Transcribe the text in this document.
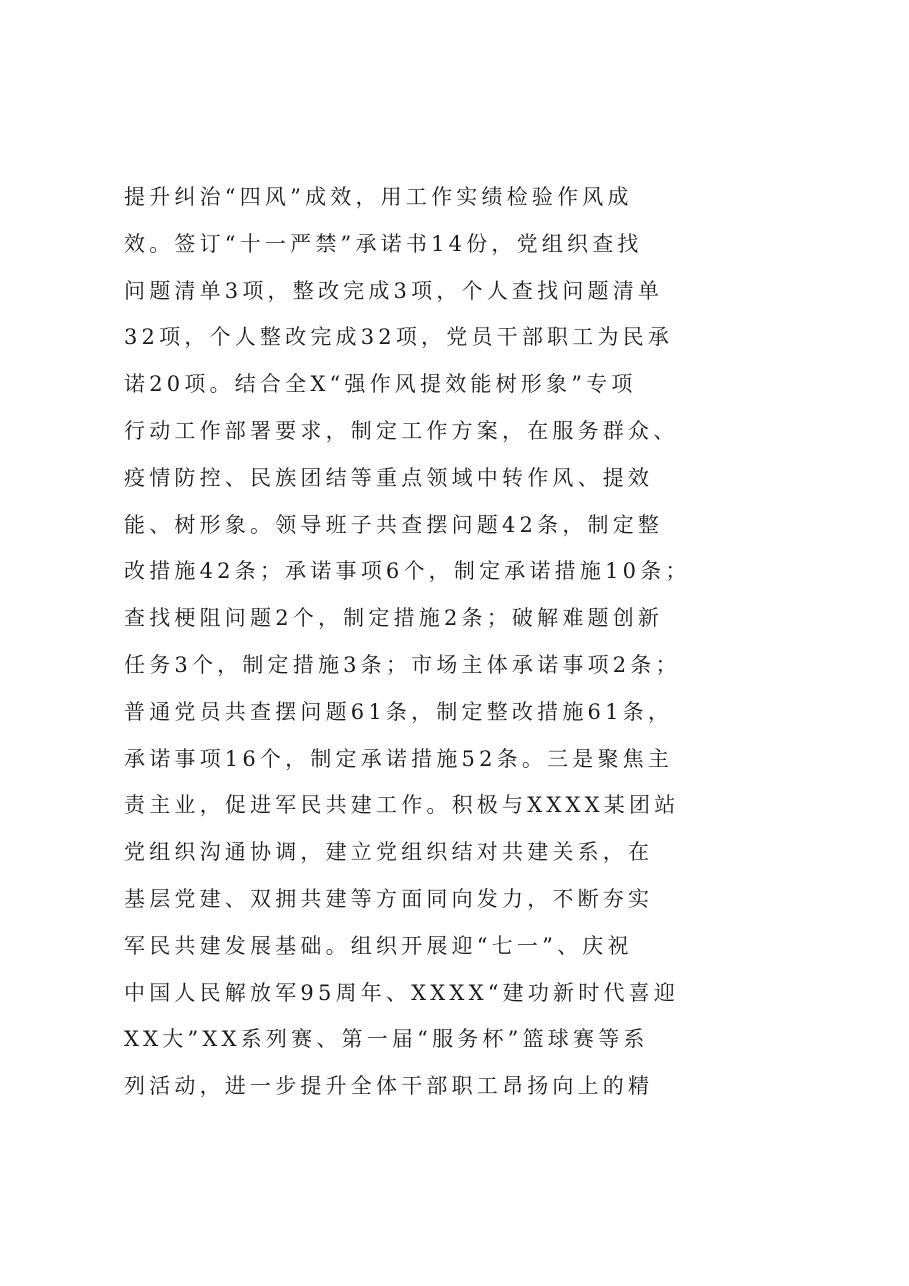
提升纠治“四风”成效，用工作实绩检验作风成
效。签订“十一严禁”承诺书14份，党组织查找
问题清单3项，整改完成3项，个人查找问题清单
32项，个人整改完成32项，党员干部职工为民承
诺20项。结合全X“强作风提效能树形象”专项
行动工作部署要求，制定工作方案，在服务群众、
疫情防控、民族团结等重点领域中转作风、提效
能、树形象。领导班子共查摆问题42条，制定整
改措施42条；承诺事项6个，制定承诺措施10条；
查找梗阻问题2个，制定措施2条；破解难题创新
任务3个，制定措施3条；市场主体承诺事项2条；
普通党员共查摆问题61条，制定整改措施61条，
承诺事项16个，制定承诺措施52条。三是聚焦主
责主业，促进军民共建工作。积极与XXXX某团站
党组织沟通协调，建立党组织结对共建关系，在
基层党建、双拥共建等方面同向发力，不断夯实
军民共建发展基础。组织开展迎“七一”、庆祝
中国人民解放军95周年、XXXX“建功新时代喜迎
XX大”XX系列赛、第一届“服务杯”篮球赛等系
列活动，进一步提升全体干部职工昂扬向上的精
